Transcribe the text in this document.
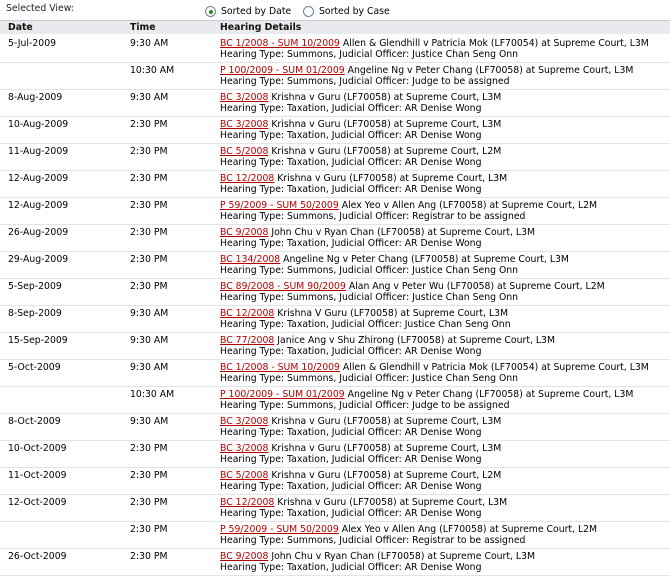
Selected View:	Sorted by Date	Sorted by Case
Date	Time	Hearing Details
5-Jul-2009	9:30 AM	BC 1/2008 - SUM 10/2009 Allen & Glendhill v Patricia Mok (LF70054) at Supreme Court, L3M
Hearing Type: Summons, Judicial Officer: Justice Chan Seng Onn
10:30 AM	P 100/2009 - SUM 01/2009 Angeline Ng v Peter Chang (LF70058) at Supreme Court, L3M
Hearing Type: Summons, Judicial Officer: Judge to be assigned
8-Aug-2009	9:30 AM	BC 3/2008 Krishna v Guru (LF70058) at Supreme Court, L3M
Hearing Type: Taxation, Judicial Officer: AR Denise Wong
10-Aug-2009	2:30 PM	BC 3/2008 Krishna v Guru (LF70058) at Supreme Court, L3M
Hearing Type: Taxation, Judicial Officer: AR Denise Wong
11-Aug-2009	2:30 PM	BC 5/2008 Krishna v Guru (LF70058) at Supreme Court, L2M
Hearing Type: Taxation, Judicial Officer: AR Denise Wong
12-Aug-2009	2:30 PM	BC 12/2008 Krishna v Guru (LF70058) at Supreme Court, L3M
Hearing Type: Taxation, Judicial Officer: AR Denise Wong
12-Aug-2009	2:30 PM	P 59/2009 - SUM 50/2009 Alex Yeo v Allen Ang (LF70058) at Supreme Court, L2M
Hearing Type: Summons, Judicial Officer: Registrar to be assigned
26-Aug-2009	2:30 PM	BC 9/2008 John Chu v Ryan Chan (LF70058) at Supreme Court, L3M
Hearing Type: Taxation, Judicial Officer: AR Denise Wong
29-Aug-2009	2:30 PM	BC 134/2008 Angeline Ng v Peter Chang (LF70058) at Supreme Court, L3M
Hearing Type: Summons, Judicial Officer: Justice Chan Seng Onn
5-Sep-2009	2:30 PM	BC 89/2008 - SUM 90/2009 Alan Ang v Peter Wu (LF70058) at Supreme Court, L2M
Hearing Type: Summons, Judicial Officer: Justice Chan Seng Onn
8-Sep-2009	9:30 AM	BC 12/2008 Krishna V Guru (LF70058) at Supreme Court, L3M
Hearing Type: Taxation, Judicial Officer: Justice Chan Seng Onn
15-Sep-2009	9:30 AM	BC 77/2008 Janice Ang v Shu Zhirong (LF70058) at Supreme Court, L3M
Hearing Type: Taxation, Judicial Officer: AR Denise Wong
5-Oct-2009	9:30 AM	BC 1/2008 - SUM 10/2009 Allen & Glendhill v Patricia Mok (LF70054) at Supreme Court, L3M
Hearing Type: Summons, Judicial Officer: Justice Chan Seng Onn
10:30 AM	P 100/2009 - SUM 01/2009 Angeline Ng v Peter Chang (LF70058) at Supreme Court, L3M
Hearing Type: Summons, Judicial Officer: Judge to be assigned
8-Oct-2009	9:30 AM	BC 3/2008 Krishna v Guru (LF70058) at Supreme Court, L3M
Hearing Type: Taxation, Judicial Officer: AR Denise Wong
10-Oct-2009	2:30 PM	BC 3/2008 Krishna v Guru (LF70058) at Supreme Court, L3M
Hearing Type: Taxation, Judicial Officer: AR Denise Wong
11-Oct-2009	2:30 PM	BC 5/2008 Krishna v Guru (LF70058) at Supreme Court, L2M
Hearing Type: Taxation, Judicial Officer: AR Denise Wong
12-Oct-2009	2:30 PM	BC 12/2008 Krishna v Guru (LF70058) at Supreme Court, L3M
Hearing Type: Taxation, Judicial Officer: AR Denise Wong
2:30 PM	P 59/2009 - SUM 50/2009 Alex Yeo v Allen Ang (LF70058) at Supreme Court, L2M
Hearing Type: Summons, Judicial Officer: Registrar to be assigned
26-Oct-2009	2:30 PM	BC 9/2008 John Chu v Ryan Chan (LF70058) at Supreme Court, L3M
Hearing Type: Taxation, Judicial Officer: AR Denise Wong
